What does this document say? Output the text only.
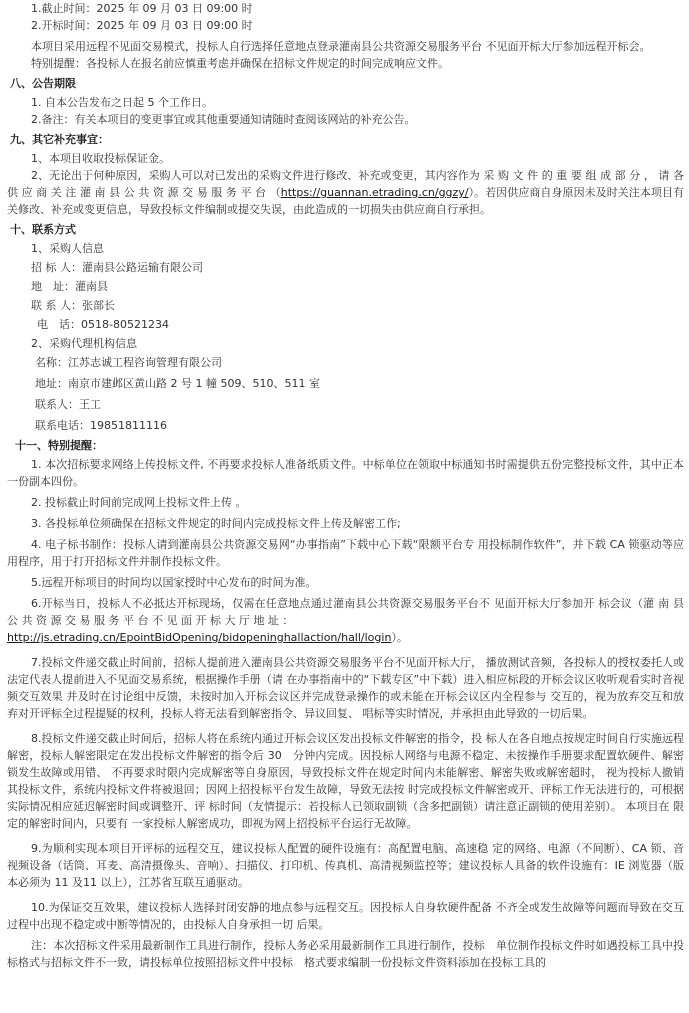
1.截止时间：2025 年 09 月 03 日 09:00 时

2.开标时间：2025 年 09 月 03 日 09:00 时

本项目采用远程不见面交易模式，投标人自行选择任意地点登录灌南县公共资源交易服务平台 不见面开标大厅参加远程开标会。

特别提醒：各投标人在报名前应慎重考虑并确保在招标文件规定的时间完成响应文件。

八、公告期限

1. 自本公告发布之日起 5 个工作日。

2.备注：有关本项目的变更事宜或其他重要通知请随时查阅该网站的补充公告。

九、其它补充事宜：

1、本项目收取投标保证金。

2、无论出于何种原因，采购人可以对已发出的采购文件进行修改、补充或变更，其内容作为 采 购 文 件 的 重 要 组 成 部 分 ， 请 各 供 应 商 关 注 灌 南 县 公 共 资 源 交 易 服 务 平 台 （https://guannan.etrading.cn/ggzy/）。若因供应商自身原因未及时关注本项目有关修改、补充或变更信息，导致投标文件编制或提交失误，由此造成的一切损失由供应商自行承担。

十、联系方式

1、采购人信息

招 标 人：灌南县公路运输有限公司

地　址：灌南县

联 系 人：张部长

电　话：0518-80521234

2、采购代理机构信息

名称：江苏志诚工程咨询管理有限公司

地址：南京市建邺区黄山路 2 号 1 幢 509、510、511 室

联系人：王工

联系电话：19851811116

十一、特别提醒：

1. 本次招标要求网络上传投标文件, 不再要求投标人准备纸质文件。中标单位在领取中标通知书时需提供五份完整投标文件，其中正本 一份副本四份。

2. 投标截止时间前完成网上投标文件上传 。

3. 各投标单位须确保在招标文件规定的时间内完成投标文件上传及解密工作;

4. 电子标书制作：投标人请到灌南县公共资源交易网“办事指南”下载中心下载“限额平台专 用投标制作软件”，并下载 CA 锁驱动等应用程序，用于打开招标文件并制作投标文件。

5.远程开标项目的时间均以国家授时中心发布的时间为准。

6.开标当日，投标人不必抵达开标现场，仅需在任意地点通过灌南县公共资源交易服务平台不 见面开标大厅参加开 标会议（灌 南 县 公 共 资 源 交 易 服 务 平 台 不 见 面 开 标 大 厅 地 址 ：
http://js.etrading.cn/EpointBidOpening/bidopeninghallaction/hall/login）。

7.投标文件递交截止时间前，招标人提前进入灌南县公共资源交易服务平台不见面开标大厅， 播放测试音频，各投标人的授权委托人或法定代表人提前进入不见面交易系统，根据操作手册（请 在办事指南中的“下载专区”中下载）进入相应标段的开标会议区收听观看实时音视频交互效果 并及时在讨论组中反馈，未按时加入开标会议区并完成登录操作的或未能在开标会议区内全程参与 交互的，视为放弃交互和放弃对开评标全过程提疑的权利，投标人将无法看到解密指令、异议回复、 唱标等实时情况，并承担由此导致的一切后果。

8.投标文件递交截止时间后，招标人将在系统内通过开标会议区发出投标文件解密的指令，投 标人在各自地点按规定时间自行实施远程解密，投标人解密限定在发出投标文件解密的指令后 30　分钟内完成。因投标人网络与电源不稳定、未按操作手册要求配置软硬件、解密锁发生故障或用错、 不再要求时限内完成解密等自身原因，导致投标文件在规定时间内未能解密、解密失败或解密超时， 视为投标人撤销其投标文件，系统内投标文件将被退回；因网上招投标平台发生故障，导致无法按 时完成投标文件解密或开、评标工作无法进行的，可根据实际情况相应延迟解密时间或调整开、评 标时间（友情提示：若投标人已领取副锁（含多把副锁）请注意正副锁的使用差别）。 本项目在 限定的解密时间内，只要有 一家投标人解密成功，即视为网上招投标平台运行无故障。

9.为顺利实现本项目开评标的远程交互，建议投标人配置的硬件设施有：高配置电脑、高速稳 定的网络、电源（不间断）、CA 锁、音视频设备（话筒、耳麦、高清摄像头、音响）、扫描仪、打印机、传真机、高清视频监控等；建议投标人具备的软件设施有：IE 浏览器（版本必须为 11 及11 以上），江苏省互联互通驱动。

10.为保证交互效果，建议投标人选择封闭安静的地点参与远程交互。因投标人自身软硬件配备 不齐全或发生故障等问题而导致在交互过程中出现不稳定或中断等情况的，由投标人自身承担一切 后果。

注：本次招标文件采用最新制作工具进行制作，投标人务必采用最新制作工具进行制作，投标　单位制作投标文件时如遇投标工具中投标格式与招标文件不一致，请投标单位按照招标文件中投标　格式要求编制一份投标文件资料添加在投标工具的
